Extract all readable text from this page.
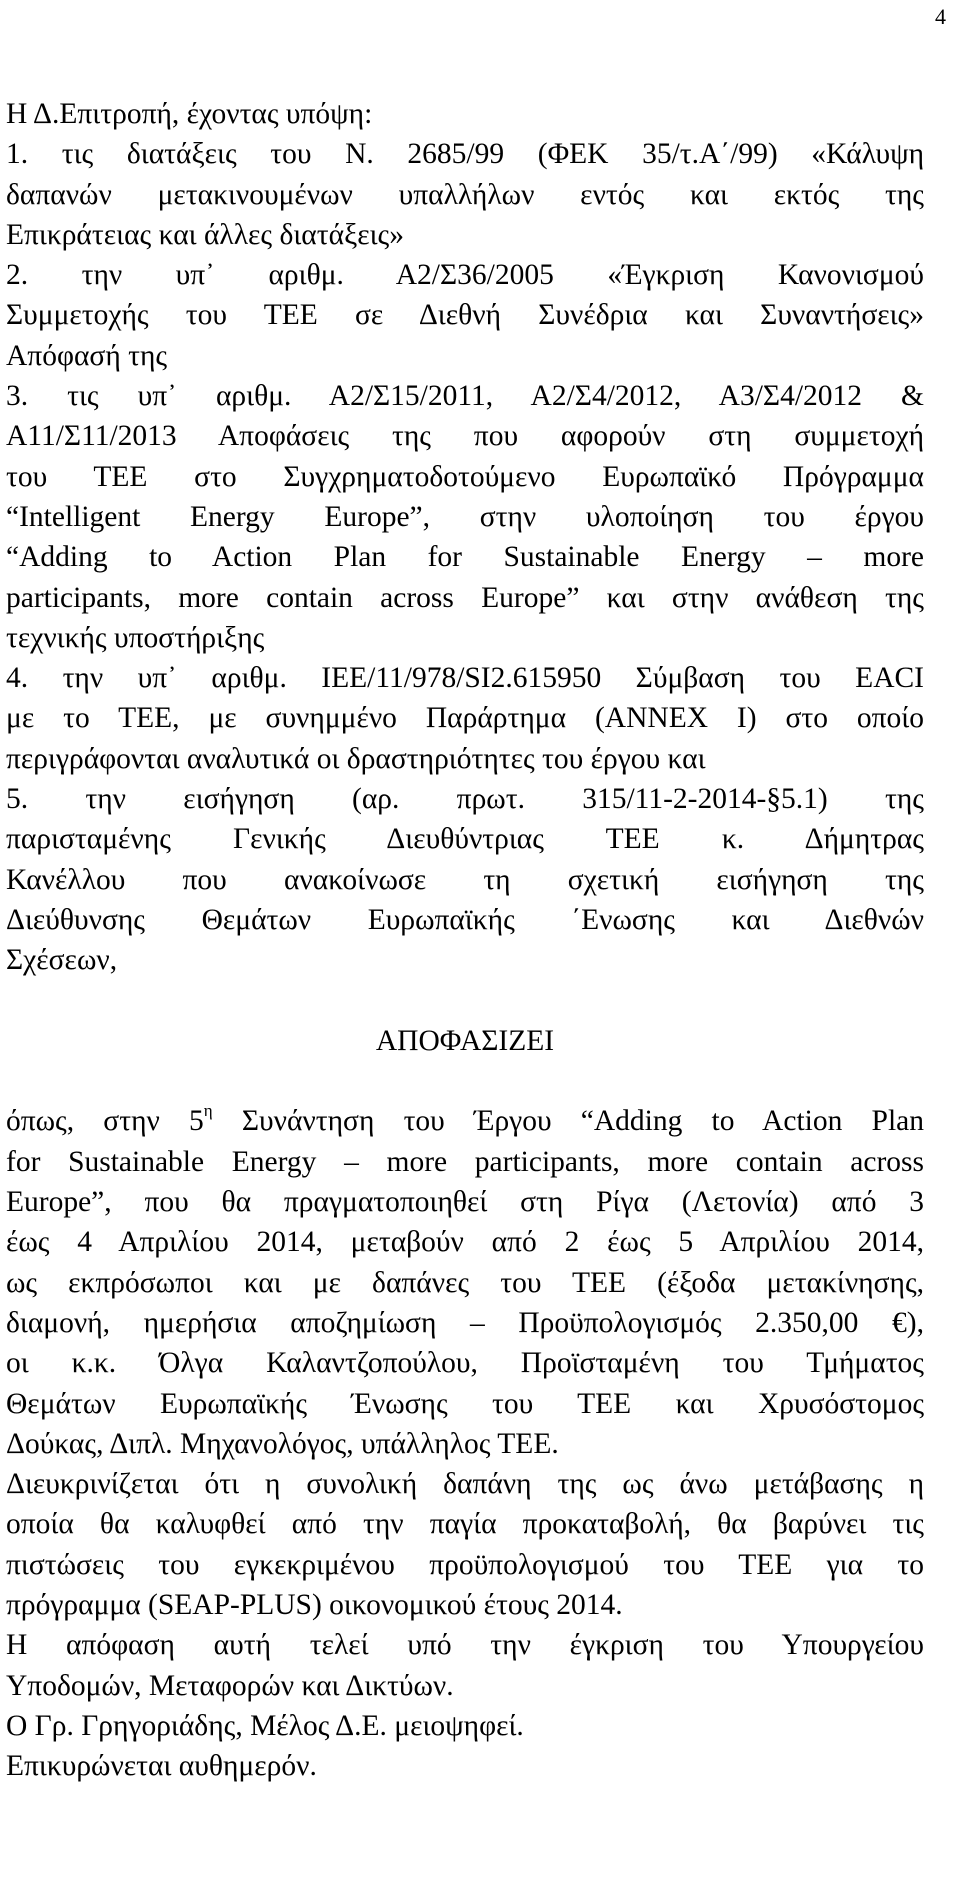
4
Η Δ.Επιτροπή, έχοντας υπόψη:
1. τις διατάξεις του Ν. 2685/99 (ΦΕΚ 35/τ.Α΄/99) «Κάλυψη
δαπανών μετακινουμένων υπαλλήλων εντός και εκτός της
Επικράτειας και άλλες διατάξεις»
2. την υπ᾽ αριθμ. Α2/Σ36/2005 «Έγκριση Κανονισμού
Συμμετοχής του ΤΕΕ σε Διεθνή Συνέδρια και Συναντήσεις»
Απόφασή της
3. τις υπ᾽ αριθμ. Α2/Σ15/2011, Α2/Σ4/2012, Α3/Σ4/2012 &
Α11/Σ11/2013 Αποφάσεις της που αφορούν στη συμμετοχή
του ΤΕΕ στο Συγχρηματοδοτούμενο Ευρωπαϊκό Πρόγραμμα
“Intelligent Energy Europe”, στην υλοποίηση του έργου
“Adding to Action Plan for Sustainable Energy – more
participants, more contain across Europe” και στην ανάθεση της
τεχνικής υποστήριξης
4. την υπ᾽ αριθμ. IEE/11/978/SI2.615950 Σύμβαση του EACI
με το ΤΕΕ, με συνημμένο Παράρτημα (ANNEX I) στο οποίο
περιγράφονται αναλυτικά οι δραστηριότητες του έργου και
5. την εισήγηση (αρ. πρωτ. 315/11-2-2014-§5.1) της
παρισταμένης Γενικής Διευθύντριας ΤΕΕ κ. Δήμητρας
Κανέλλου που ανακοίνωσε τη σχετική εισήγηση της
Διεύθυνσης Θεμάτων Ευρωπαϊκής ΄Ενωσης και Διεθνών
Σχέσεων,
ΑΠΟΦΑΣΙΖΕΙ
όπως, στην $5^\eta$ Συνάντηση του Έργου “Adding to Action Plan
for Sustainable Energy – more participants, more contain across
Europe”, που θα πραγματοποιηθεί στη Ρίγα (Λετονία) από 3
έως 4 Απριλίου 2014, μεταβούν από 2 έως 5 Απριλίου 2014,
ως εκπρόσωποι και με δαπάνες του ΤΕΕ (έξοδα μετακίνησης,
διαμονή, ημερήσια αποζημίωση – Προϋπολογισμός 2.350,00 €),
οι κ.κ. Όλγα Καλαντζοπούλου, Προϊσταμένη του Τμήματος
Θεμάτων Ευρωπαϊκής Ένωσης του ΤΕΕ και Χρυσόστομος
Δούκας, Διπλ. Μηχανολόγος, υπάλληλος ΤΕΕ.
Διευκρινίζεται ότι η συνολική δαπάνη της ως άνω μετάβασης η
οποία θα καλυφθεί από την παγία προκαταβολή, θα βαρύνει τις
πιστώσεις του εγκεκριμένου προϋπολογισμού του ΤΕΕ για το
πρόγραμμα (SEAP-PLUS) οικονομικού έτους 2014.
Η απόφαση αυτή τελεί υπό την έγκριση του Υπουργείου
Υποδομών, Μεταφορών και Δικτύων.
Ο Γρ. Γρηγοριάδης, Μέλος Δ.Ε. μειοψηφεί.
Επικυρώνεται αυθημερόν.
